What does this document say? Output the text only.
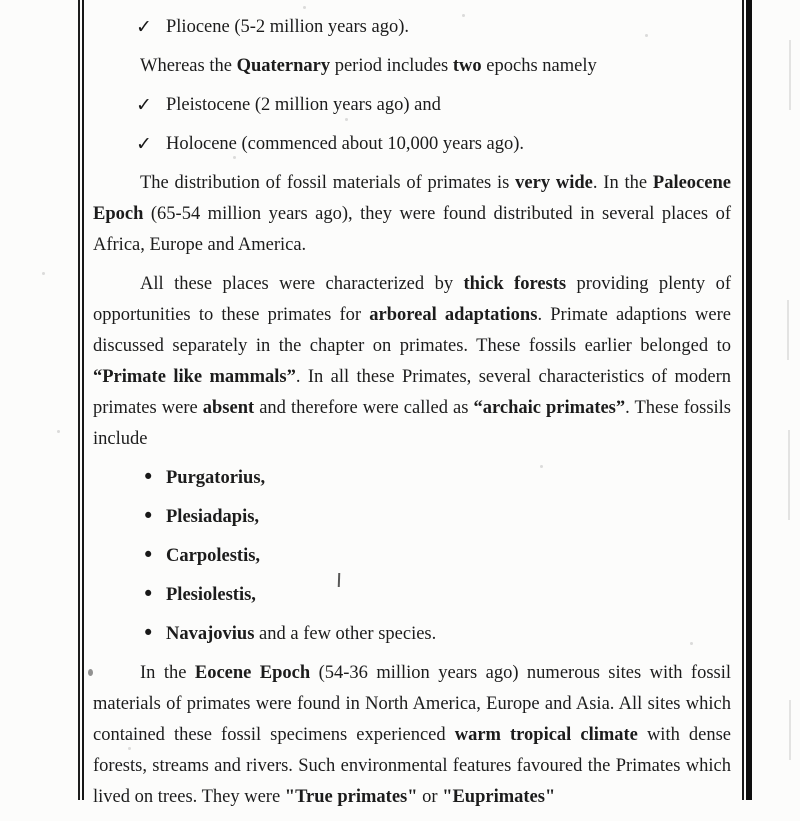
✓ Pliocene (5-2 million years ago).
Whereas the Quaternary period includes two epochs namely
✓ Pleistocene (2 million years ago) and
✓ Holocene (commenced about 10,000 years ago).
The distribution of fossil materials of primates is very wide. In the Paleocene Epoch (65-54 million years ago), they were found distributed in several places of Africa, Europe and America.
All these places were characterized by thick forests providing plenty of opportunities to these primates for arboreal adaptations. Primate adaptions were discussed separately in the chapter on primates. These fossils earlier belonged to “Primate like mammals”. In all these Primates, several characteristics of modern primates were absent and therefore were called as “archaic primates”. These fossils include
• Purgatorius,
• Plesiadapis,
• Carpolestis,
• Plesiolestis,
• Navajovius and a few other species.
In the Eocene Epoch (54-36 million years ago) numerous sites with fossil materials of primates were found in North America, Europe and Asia. All sites which contained these fossil specimens experienced warm tropical climate with dense forests, streams and rivers. Such environmental features favoured the Primates which lived on trees. They were "True primates" or "Euprimates"
